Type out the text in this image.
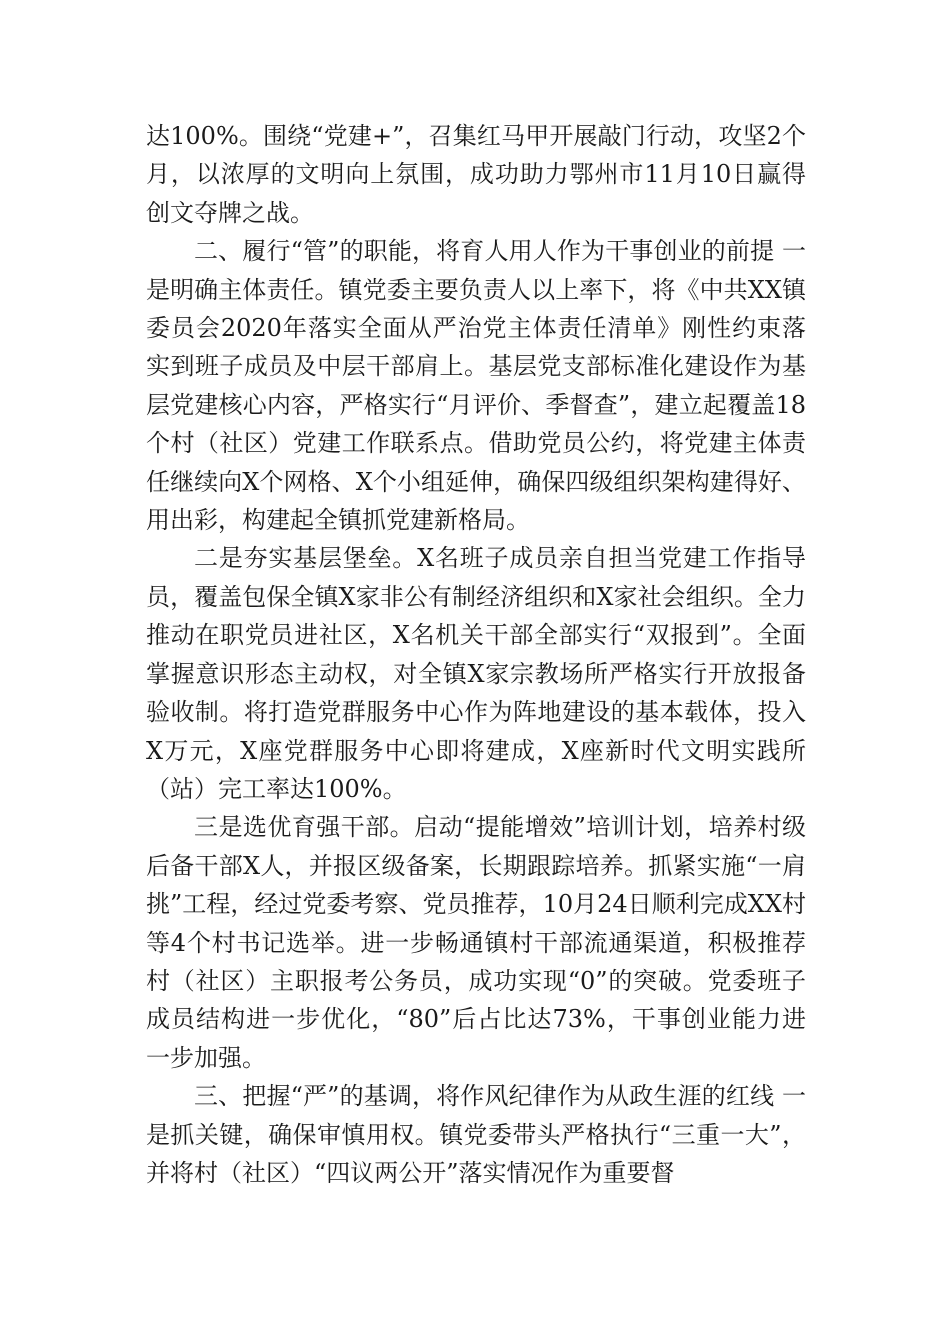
达100%。围绕“党建+”，召集红马甲开展敲门行动，攻坚2个月，以浓厚的文明向上氛围，成功助力鄂州市11月10日赢得创文夺牌之战。

二、履行“管”的职能，将育人用人作为干事创业的前提 一是明确主体责任。镇党委主要负责人以上率下，将《中共XX镇委员会2020年落实全面从严治党主体责任清单》刚性约束落实到班子成员及中层干部肩上。基层党支部标准化建设作为基层党建核心内容，严格实行“月评价、季督查”，建立起覆盖18个村（社区）党建工作联系点。借助党员公约，将党建主体责任继续向X个网格、X个小组延伸，确保四级组织架构建得好、用出彩，构建起全镇抓党建新格局。

二是夯实基层堡垒。X名班子成员亲自担当党建工作指导员，覆盖包保全镇X家非公有制经济组织和X家社会组织。全力推动在职党员进社区，X名机关干部全部实行“双报到”。全面掌握意识形态主动权，对全镇X家宗教场所严格实行开放报备验收制。将打造党群服务中心作为阵地建设的基本载体，投入X万元，X座党群服务中心即将建成，X座新时代文明实践所（站）完工率达100%。

三是选优育强干部。启动“提能增效”培训计划，培养村级后备干部X人，并报区级备案，长期跟踪培养。抓紧实施“一肩挑”工程，经过党委考察、党员推荐，10月24日顺利完成XX村等4个村书记选举。进一步畅通镇村干部流通渠道，积极推荐村（社区）主职报考公务员，成功实现“0”的突破。党委班子成员结构进一步优化，“80”后占比达73%，干事创业能力进一步加强。

三、把握“严”的基调，将作风纪律作为从政生涯的红线 一是抓关键，确保审慎用权。镇党委带头严格执行“三重一大”，并将村（社区）“四议两公开”落实情况作为重要督
